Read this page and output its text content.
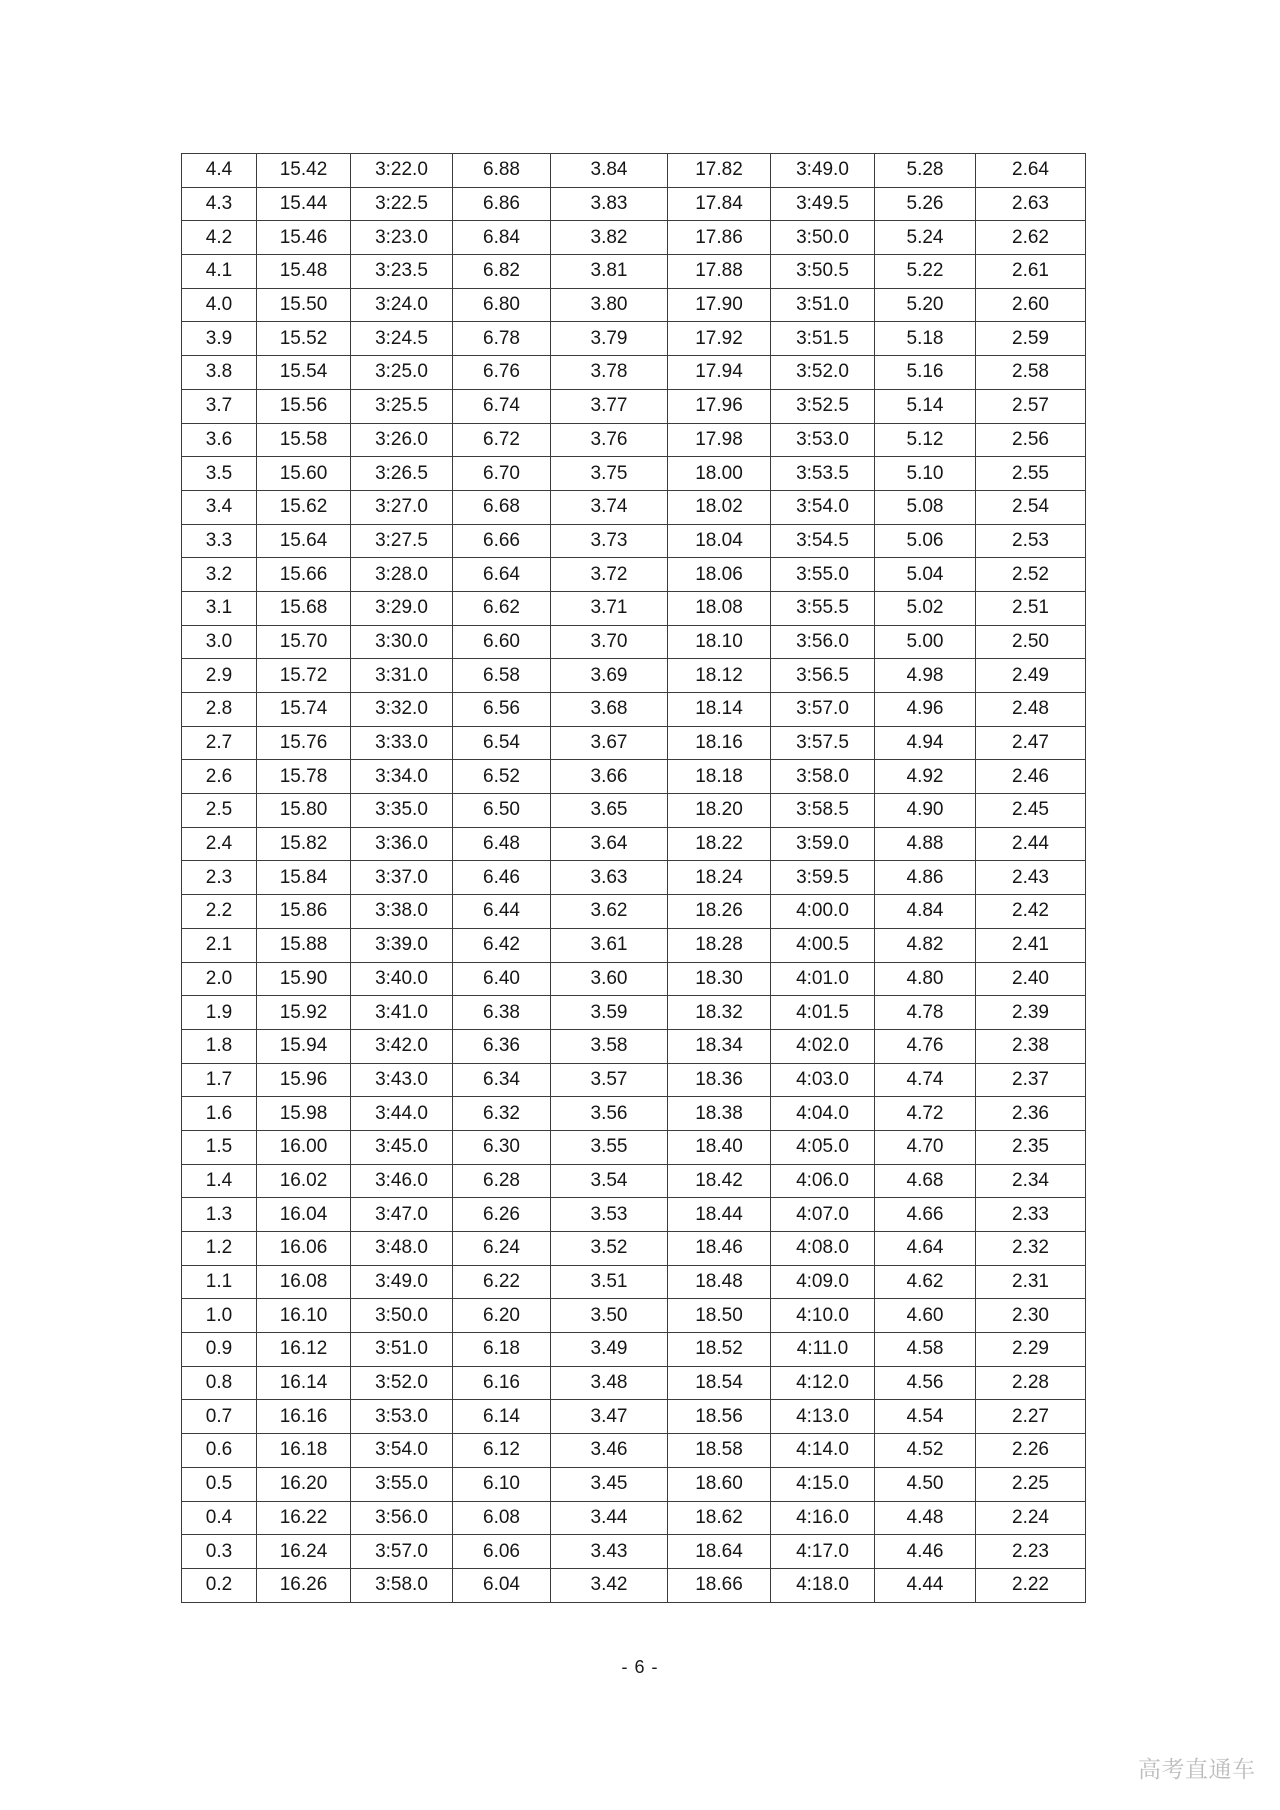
4.4	15.42	3:22.0	6.88	3.84	17.82	3:49.0	5.28	2.64
4.3	15.44	3:22.5	6.86	3.83	17.84	3:49.5	5.26	2.63
4.2	15.46	3:23.0	6.84	3.82	17.86	3:50.0	5.24	2.62
4.1	15.48	3:23.5	6.82	3.81	17.88	3:50.5	5.22	2.61
4.0	15.50	3:24.0	6.80	3.80	17.90	3:51.0	5.20	2.60
3.9	15.52	3:24.5	6.78	3.79	17.92	3:51.5	5.18	2.59
3.8	15.54	3:25.0	6.76	3.78	17.94	3:52.0	5.16	2.58
3.7	15.56	3:25.5	6.74	3.77	17.96	3:52.5	5.14	2.57
3.6	15.58	3:26.0	6.72	3.76	17.98	3:53.0	5.12	2.56
3.5	15.60	3:26.5	6.70	3.75	18.00	3:53.5	5.10	2.55
3.4	15.62	3:27.0	6.68	3.74	18.02	3:54.0	5.08	2.54
3.3	15.64	3:27.5	6.66	3.73	18.04	3:54.5	5.06	2.53
3.2	15.66	3:28.0	6.64	3.72	18.06	3:55.0	5.04	2.52
3.1	15.68	3:29.0	6.62	3.71	18.08	3:55.5	5.02	2.51
3.0	15.70	3:30.0	6.60	3.70	18.10	3:56.0	5.00	2.50
2.9	15.72	3:31.0	6.58	3.69	18.12	3:56.5	4.98	2.49
2.8	15.74	3:32.0	6.56	3.68	18.14	3:57.0	4.96	2.48
2.7	15.76	3:33.0	6.54	3.67	18.16	3:57.5	4.94	2.47
2.6	15.78	3:34.0	6.52	3.66	18.18	3:58.0	4.92	2.46
2.5	15.80	3:35.0	6.50	3.65	18.20	3:58.5	4.90	2.45
2.4	15.82	3:36.0	6.48	3.64	18.22	3:59.0	4.88	2.44
2.3	15.84	3:37.0	6.46	3.63	18.24	3:59.5	4.86	2.43
2.2	15.86	3:38.0	6.44	3.62	18.26	4:00.0	4.84	2.42
2.1	15.88	3:39.0	6.42	3.61	18.28	4:00.5	4.82	2.41
2.0	15.90	3:40.0	6.40	3.60	18.30	4:01.0	4.80	2.40
1.9	15.92	3:41.0	6.38	3.59	18.32	4:01.5	4.78	2.39
1.8	15.94	3:42.0	6.36	3.58	18.34	4:02.0	4.76	2.38
1.7	15.96	3:43.0	6.34	3.57	18.36	4:03.0	4.74	2.37
1.6	15.98	3:44.0	6.32	3.56	18.38	4:04.0	4.72	2.36
1.5	16.00	3:45.0	6.30	3.55	18.40	4:05.0	4.70	2.35
1.4	16.02	3:46.0	6.28	3.54	18.42	4:06.0	4.68	2.34
1.3	16.04	3:47.0	6.26	3.53	18.44	4:07.0	4.66	2.33
1.2	16.06	3:48.0	6.24	3.52	18.46	4:08.0	4.64	2.32
1.1	16.08	3:49.0	6.22	3.51	18.48	4:09.0	4.62	2.31
1.0	16.10	3:50.0	6.20	3.50	18.50	4:10.0	4.60	2.30
0.9	16.12	3:51.0	6.18	3.49	18.52	4:11.0	4.58	2.29
0.8	16.14	3:52.0	6.16	3.48	18.54	4:12.0	4.56	2.28
0.7	16.16	3:53.0	6.14	3.47	18.56	4:13.0	4.54	2.27
0.6	16.18	3:54.0	6.12	3.46	18.58	4:14.0	4.52	2.26
0.5	16.20	3:55.0	6.10	3.45	18.60	4:15.0	4.50	2.25
0.4	16.22	3:56.0	6.08	3.44	18.62	4:16.0	4.48	2.24
0.3	16.24	3:57.0	6.06	3.43	18.64	4:17.0	4.46	2.23
0.2	16.26	3:58.0	6.04	3.42	18.66	4:18.0	4.44	2.22
- 6 -
高考直通车
